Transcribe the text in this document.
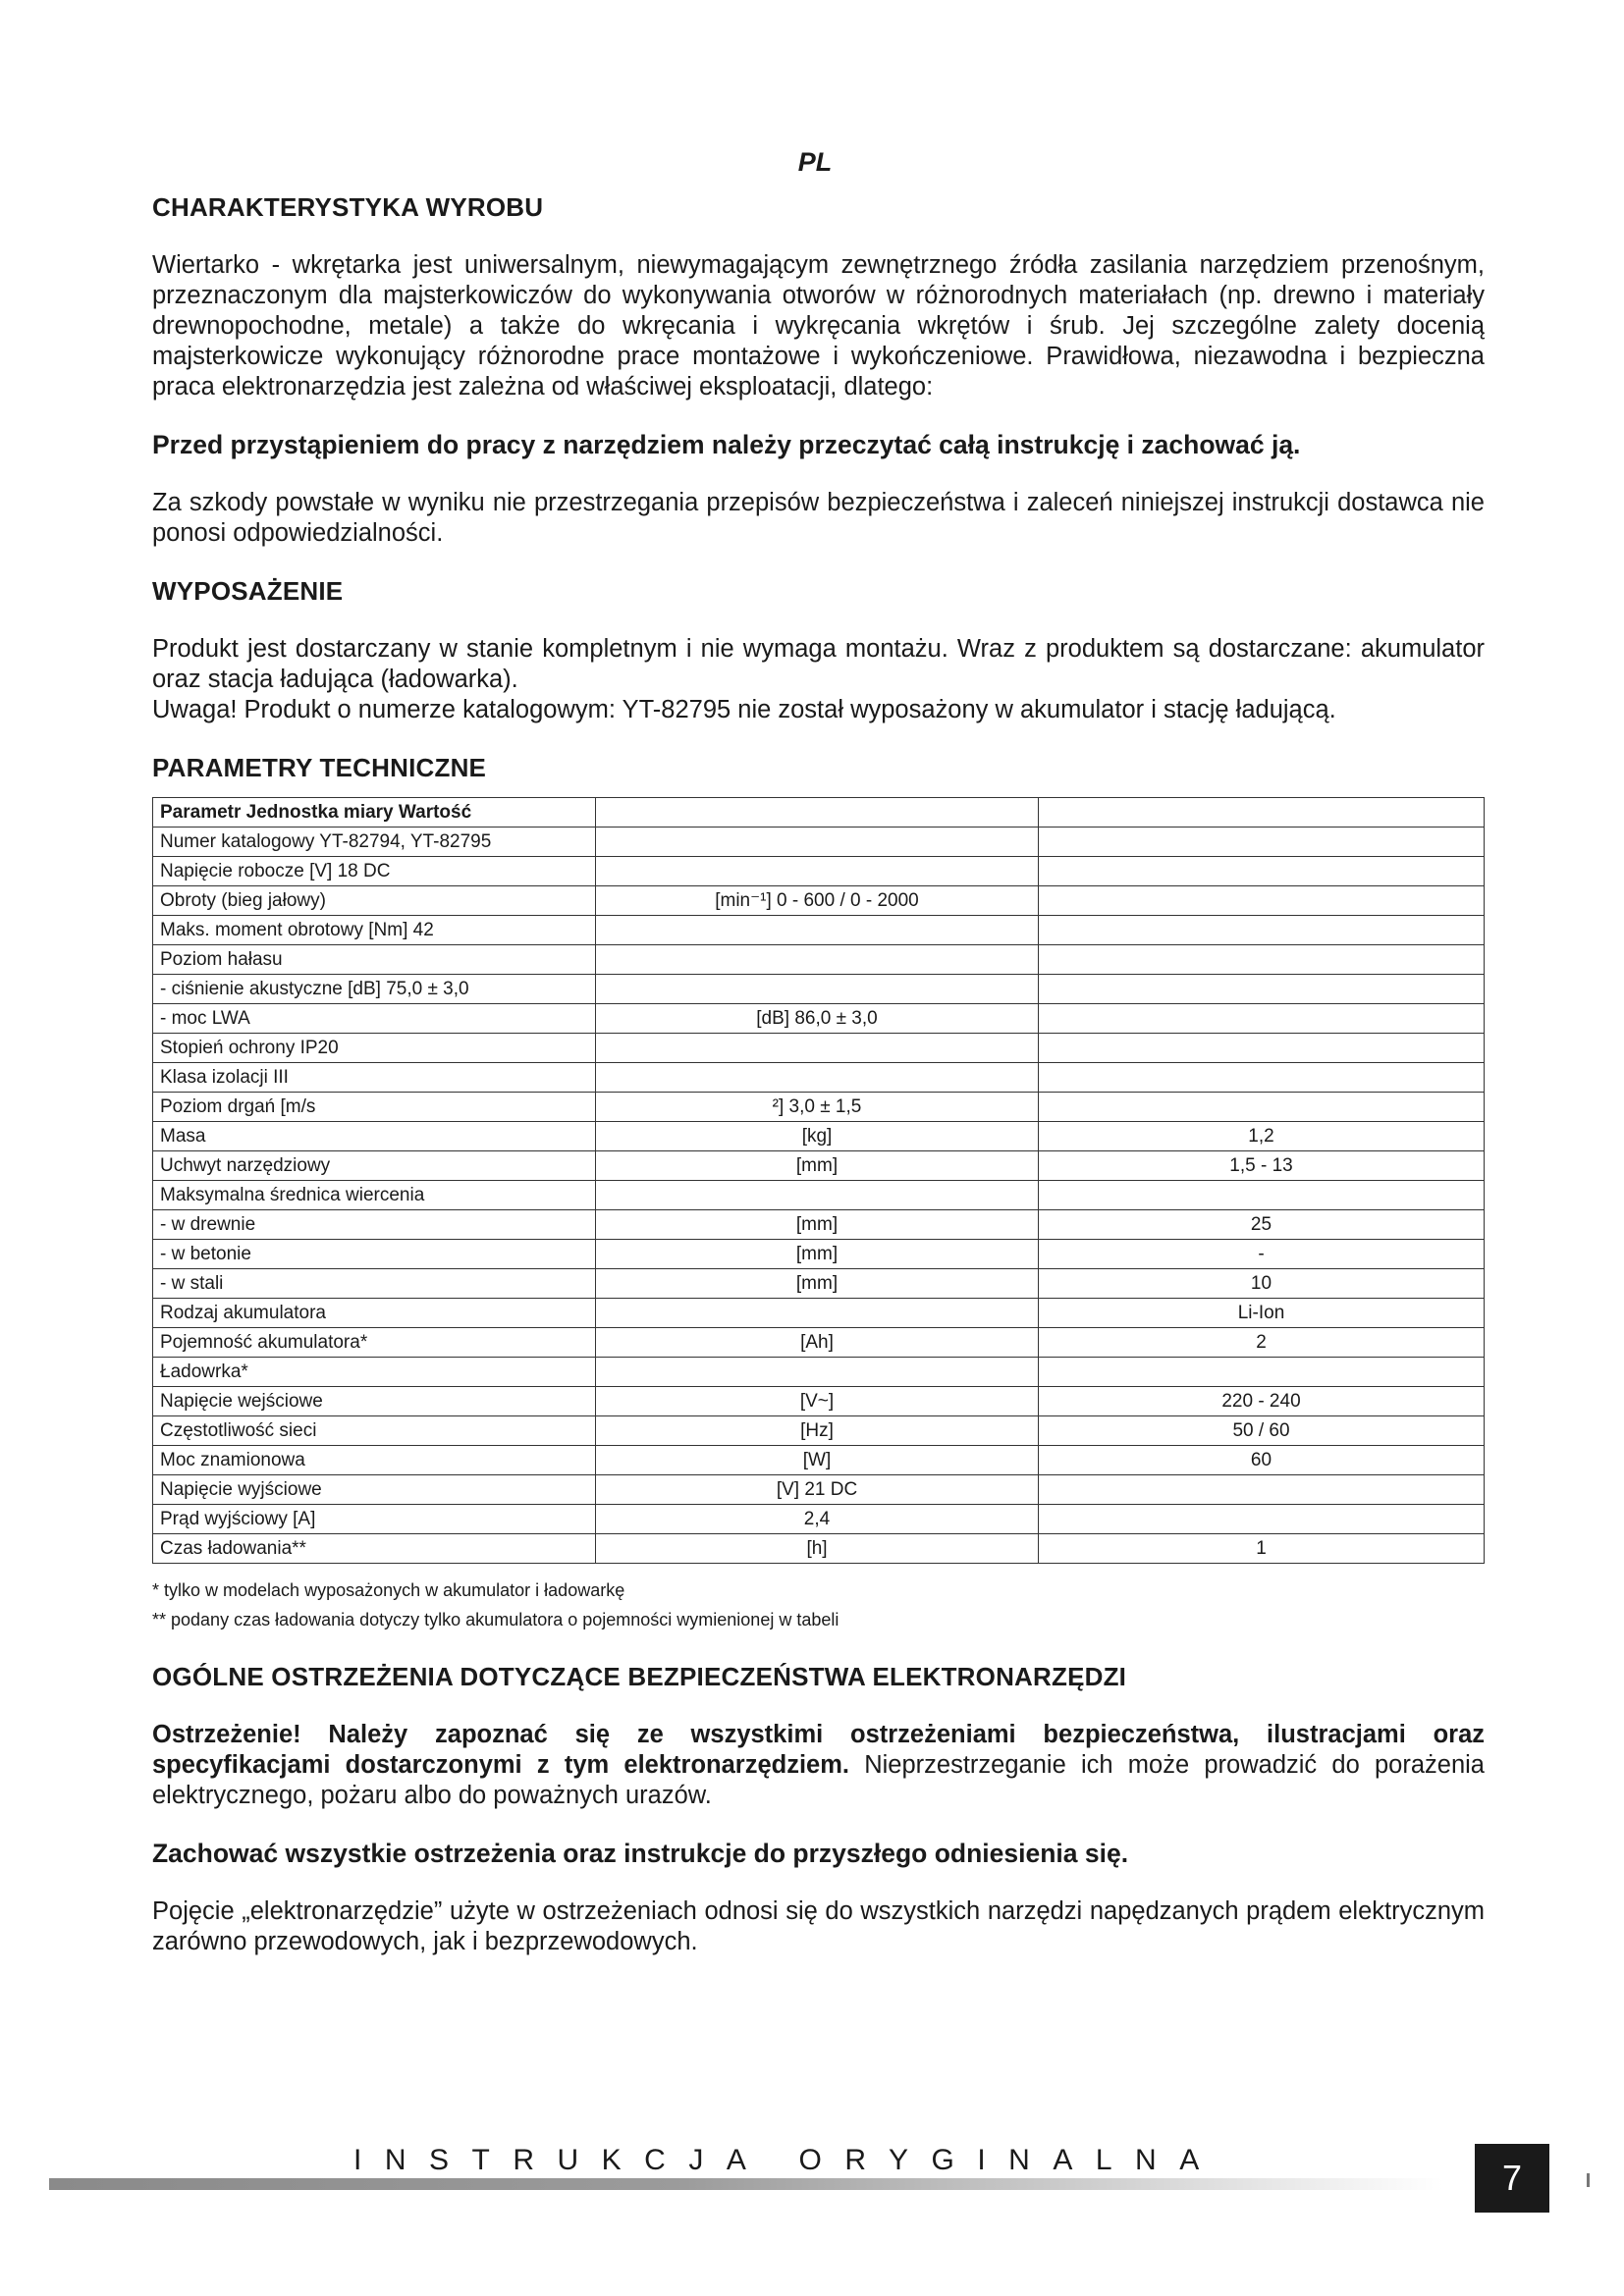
PL
CHARAKTERYSTYKA WYROBU

Wiertarko - wkrętarka jest uniwersalnym, niewymagającym zewnętrznego źródła zasilania narzędziem przenośnym, przeznaczonym dla majsterkowiczów do wykonywania otworów w różnorodnych materiałach (np. drewno i materiały drewnopochodne, metale) a także do wkręcania i wykręcania wkrętów i śrub. Jej szczególne zalety docenią majsterkowicze wykonujący różnorodne prace montażowe i wykończeniowe. Prawidłowa, niezawodna i bezpieczna praca elektronarzędzia jest zależna od właściwej eksploatacji, dlatego:

Przed przystąpieniem do pracy z narzędziem należy przeczytać całą instrukcję i zachować ją.

Za szkody powstałe w wyniku nie przestrzegania przepisów bezpieczeństwa i zaleceń niniejszej instrukcji dostawca nie ponosi odpowiedzialności.

WYPOSAŻENIE

Produkt jest dostarczany w stanie kompletnym i nie wymaga montażu. Wraz z produktem są dostarczane: akumulator oraz stacja ładująca (ładowarka).

Uwaga! Produkt o numerze katalogowym: YT-82795 nie został wyposażony w akumulator i stację ładującą.

PARAMETRY TECHNICZNE
Parametr Jednostka miary Wartość		
Numer katalogowy YT-82794, YT-82795		
Napięcie robocze [V] 18 DC		
Obroty (bieg jałowy)	[min⁻¹] 0 - 600 / 0 - 2000	
Maks. moment obrotowy [Nm] 42		
Poziom hałasu		
- ciśnienie akustyczne [dB] 75,0 ± 3,0		
- moc LWA	[dB] 86,0 ± 3,0	
Stopień ochrony IP20		
Klasa izolacji III		
Poziom drgań [m/s	²] 3,0 ± 1,5	
Masa	[kg]	1,2
Uchwyt narzędziowy	[mm]	1,5 - 13
Maksymalna średnica wiercenia		
- w drewnie	[mm]	25
- w betonie	[mm]	-
- w stali	[mm]	10
Rodzaj akumulatora		Li-Ion
Pojemność akumulatora*	[Ah]	2
Ładowrka*		
Napięcie wejściowe	[V~]	220 - 240
Częstotliwość sieci	[Hz]	50 / 60
Moc znamionowa	[W]	60
Napięcie wyjściowe	[V] 21 DC	
Prąd wyjściowy [A]	2,4	
Czas ładowania**	[h]	1
* tylko w modelach wyposażonych w akumulator i ładowarkę
** podany czas ładowania dotyczy tylko akumulatora o pojemności wymienionej w tabeli
OGÓLNE OSTRZEŻENIA DOTYCZĄCE BEZPIECZEŃSTWA ELEKTRONARZĘDZI

Ostrzeżenie! Należy zapoznać się ze wszystkimi ostrzeżeniami bezpieczeństwa, ilustracjami oraz specyfikacjami dostarczonymi z tym elektronarzędziem. Nieprzestrzeganie ich może prowadzić do porażenia elektrycznego, pożaru albo do poważnych urazów.

Zachować wszystkie ostrzeżenia oraz instrukcje do przyszłego odniesienia się.

Pojęcie „elektronarzędzie” użyte w ostrzeżeniach odnosi się do wszystkich narzędzi napędzanych prądem elektrycznym zarówno przewodowych, jak i bezprzewodowych.

INSTRUKCJA ORYGINALNA	7
